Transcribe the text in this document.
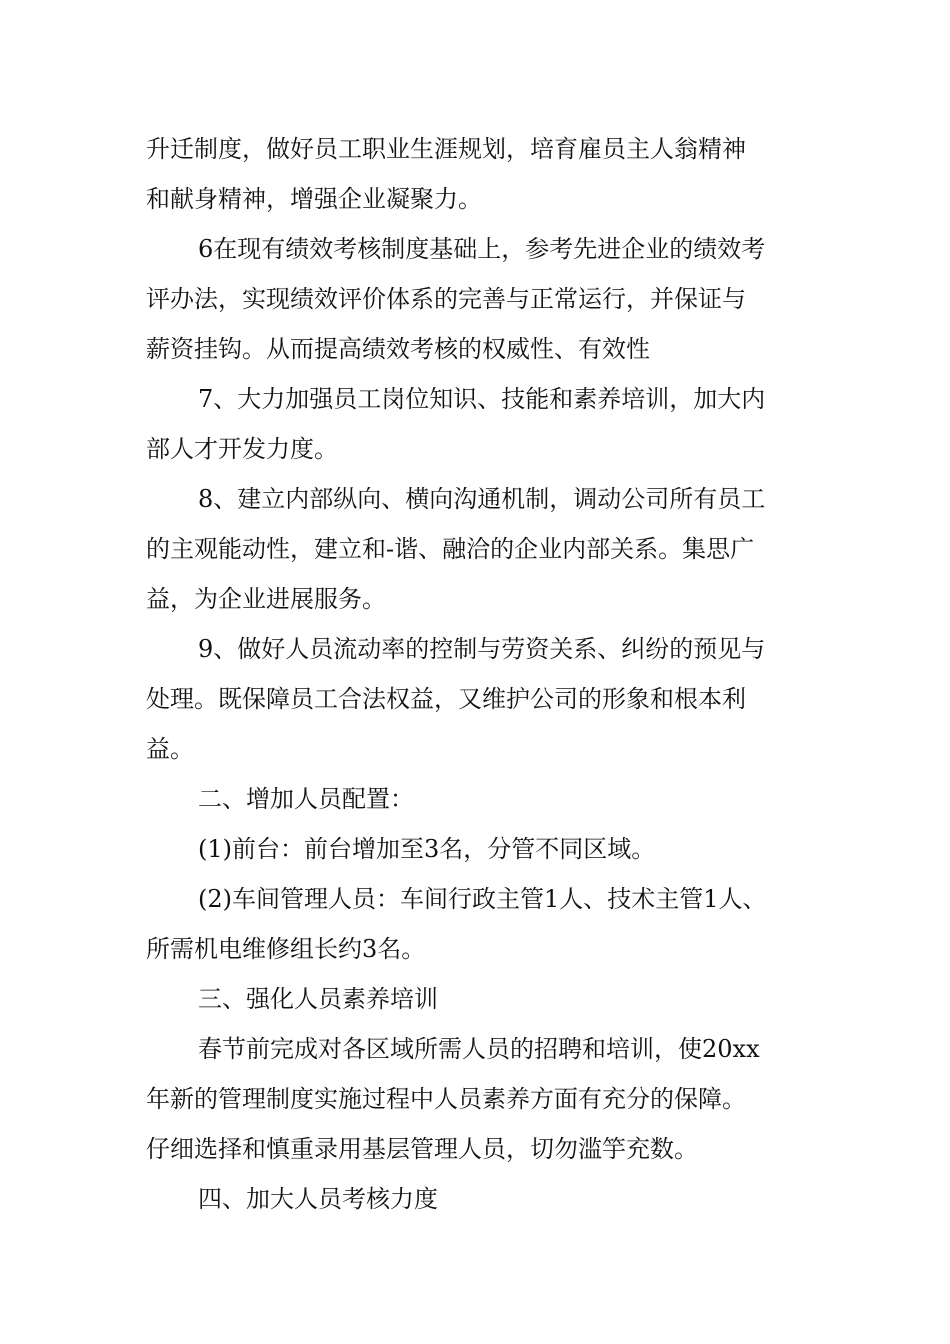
升迁制度，做好员工职业生涯规划，培育雇员主人翁精神
和献身精神，增强企业凝聚力。
6在现有绩效考核制度基础上，参考先进企业的绩效考
评办法，实现绩效评价体系的完善与正常运行，并保证与
薪资挂钩。从而提高绩效考核的权威性、有效性
7、大力加强员工岗位知识、技能和素养培训，加大内
部人才开发力度。
8、建立内部纵向、横向沟通机制，调动公司所有员工
的主观能动性，建立和-谐、融洽的企业内部关系。集思广
益，为企业进展服务。
9、做好人员流动率的控制与劳资关系、纠纷的预见与
处理。既保障员工合法权益，又维护公司的形象和根本利
益。
二、增加人员配置：
(1)前台：前台增加至3名，分管不同区域。
(2)车间管理人员：车间行政主管1人、技术主管1人、
所需机电维修组长约3名。
三、强化人员素养培训
春节前完成对各区域所需人员的招聘和培训，使20xx
年新的管理制度实施过程中人员素养方面有充分的保障。
仔细选择和慎重录用基层管理人员，切勿滥竽充数。
四、加大人员考核力度
